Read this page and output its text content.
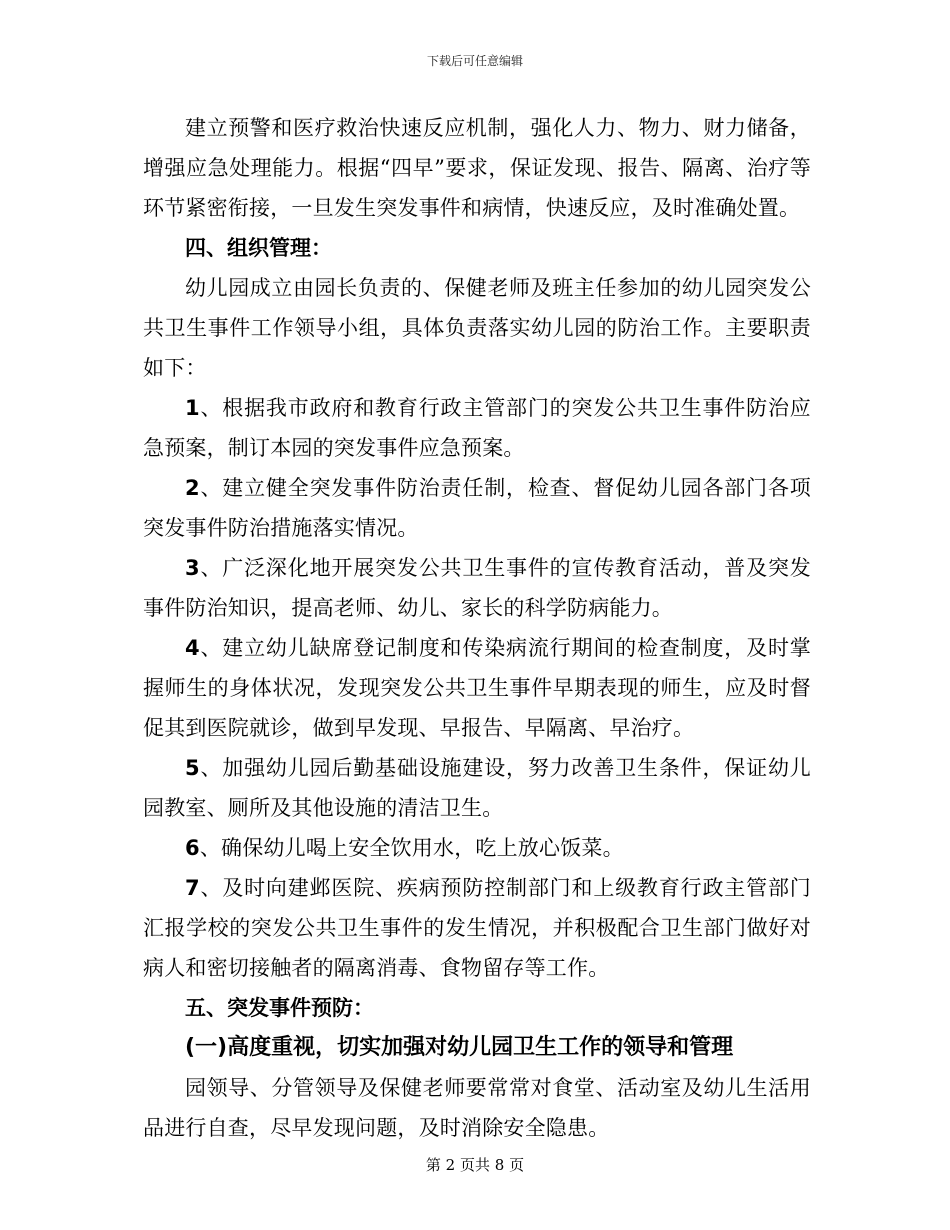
下载后可任意编辑

建立预警和医疗救治快速反应机制，强化人力、物力、财力储备，增强应急处理能力。根据“四早”要求，保证发现、报告、隔离、治疗等环节紧密衔接，一旦发生突发事件和病情，快速反应，及时准确处置。

四、组织管理：

幼儿园成立由园长负责的、保健老师及班主任参加的幼儿园突发公共卫生事件工作领导小组，具体负责落实幼儿园的防治工作。主要职责如下：

1、根据我市政府和教育行政主管部门的突发公共卫生事件防治应急预案，制订本园的突发事件应急预案。

2、建立健全突发事件防治责任制，检查、督促幼儿园各部门各项突发事件防治措施落实情况。

3、广泛深化地开展突发公共卫生事件的宣传教育活动，普及突发事件防治知识，提高老师、幼儿、家长的科学防病能力。

4、建立幼儿缺席登记制度和传染病流行期间的检查制度，及时掌握师生的身体状况，发现突发公共卫生事件早期表现的师生，应及时督促其到医院就诊，做到早发现、早报告、早隔离、早治疗。

5、加强幼儿园后勤基础设施建设，努力改善卫生条件，保证幼儿园教室、厕所及其他设施的清洁卫生。

6、确保幼儿喝上安全饮用水，吃上放心饭菜。

7、及时向建邺医院、疾病预防控制部门和上级教育行政主管部门汇报学校的突发公共卫生事件的发生情况，并积极配合卫生部门做好对病人和密切接触者的隔离消毒、食物留存等工作。

五、突发事件预防：

(一)高度重视，切实加强对幼儿园卫生工作的领导和管理

园领导、分管领导及保健老师要常常对食堂、活动室及幼儿生活用品进行自查，尽早发现问题，及时消除安全隐患。

第 2 页共 8 页
